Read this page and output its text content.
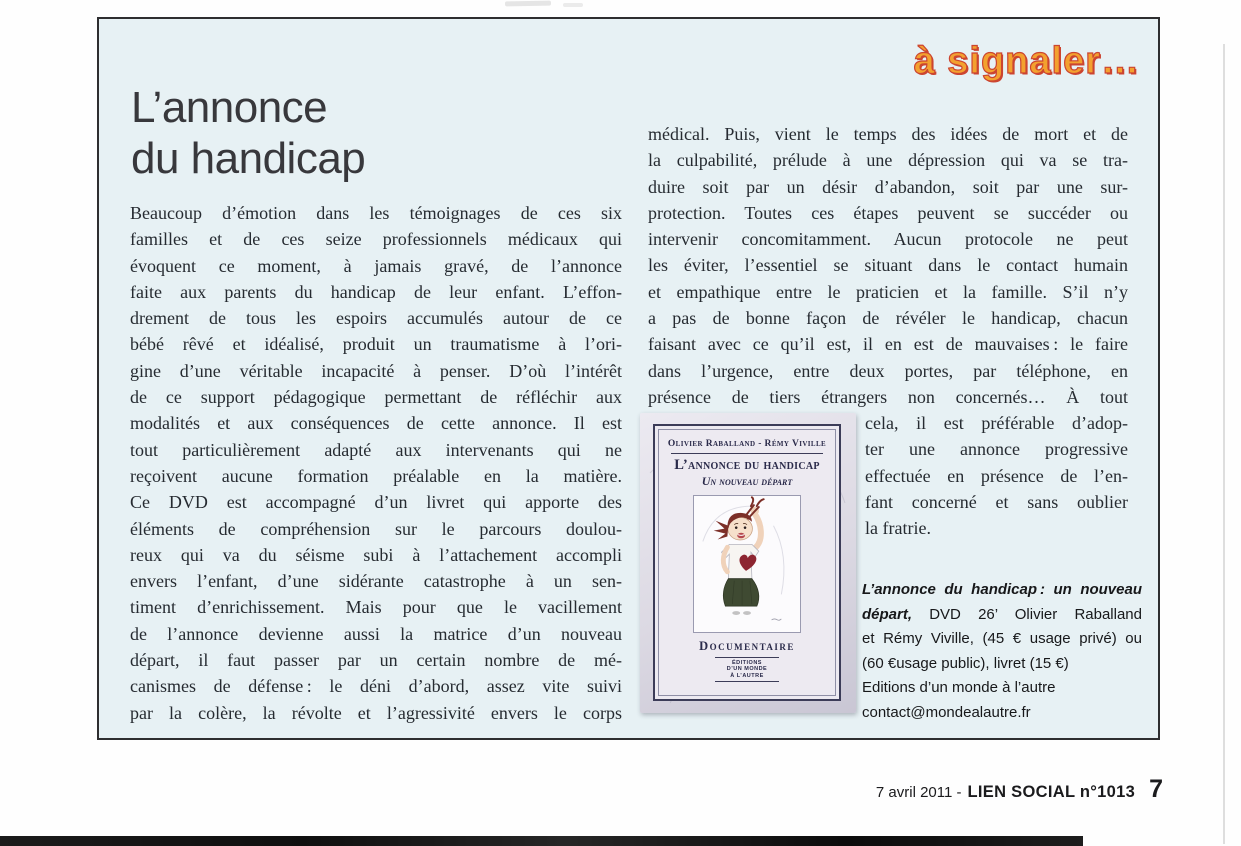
à signaler…
L’annonce
du handicap
Beaucoup d’émotion dans les témoignages de ces six
familles et de ces seize professionnels médicaux qui
évoquent ce moment, à jamais gravé, de l’annonce
faite aux parents du handicap de leur enfant. L’effon-
drement de tous les espoirs accumulés autour de ce
bébé rêvé et idéalisé, produit un traumatisme à l’ori-
gine d’une véritable incapacité à penser. D’où l’intérêt
de ce support pédagogique permettant de réfléchir aux
modalités et aux conséquences de cette annonce. Il est
tout particulièrement adapté aux intervenants qui ne
reçoivent aucune formation préalable en la matière.
Ce DVD est accompagné d’un livret qui apporte des
éléments de compréhension sur le parcours doulou-
reux qui va du séisme subi à l’attachement accompli
envers l’enfant, d’une sidérante catastrophe à un sen-
timent d’enrichissement. Mais pour que le vacillement
de l’annonce devienne aussi la matrice d’un nouveau
départ, il faut passer par un certain nombre de mé-
canismes de défense : le déni d’abord, assez vite suivi
par la colère, la révolte et l’agressivité envers le corps
médical. Puis, vient le temps des idées de mort et de
la culpabilité, prélude à une dépression qui va se tra-
duire soit par un désir d’abandon, soit par une sur-
protection. Toutes ces étapes peuvent se succéder ou
intervenir concomitamment. Aucun protocole ne peut
les éviter, l’essentiel se situant dans le contact humain
et empathique entre le praticien et la famille. S’il n’y
a pas de bonne façon de révéler le handicap, chacun
faisant avec ce qu’il est, il en est de mauvaises : le faire
dans l’urgence, entre deux portes, par téléphone, en
présence de tiers étrangers non concernés… À tout
cela, il est préférable d’adop-
ter une annonce progressive
effectuée en présence de l’en-
fant concerné et sans oublier
la fratrie.
Olivier Raballand - Rémy Viville
L’annonce du handicap
Un nouveau départ
Documentaire
ÉDITIONS
D’UN MONDE
À L’AUTRE
L’annonce du handicap : un nouveau
départ, DVD 26’ Olivier Raballand
et Rémy Viville, (45 € usage privé) ou
(60 €usage public), livret (15 €)
Editions d’un monde à l’autre
contact@mondealautre.fr
7 avril 2011 - LIEN SOCIAL n°1013 7
